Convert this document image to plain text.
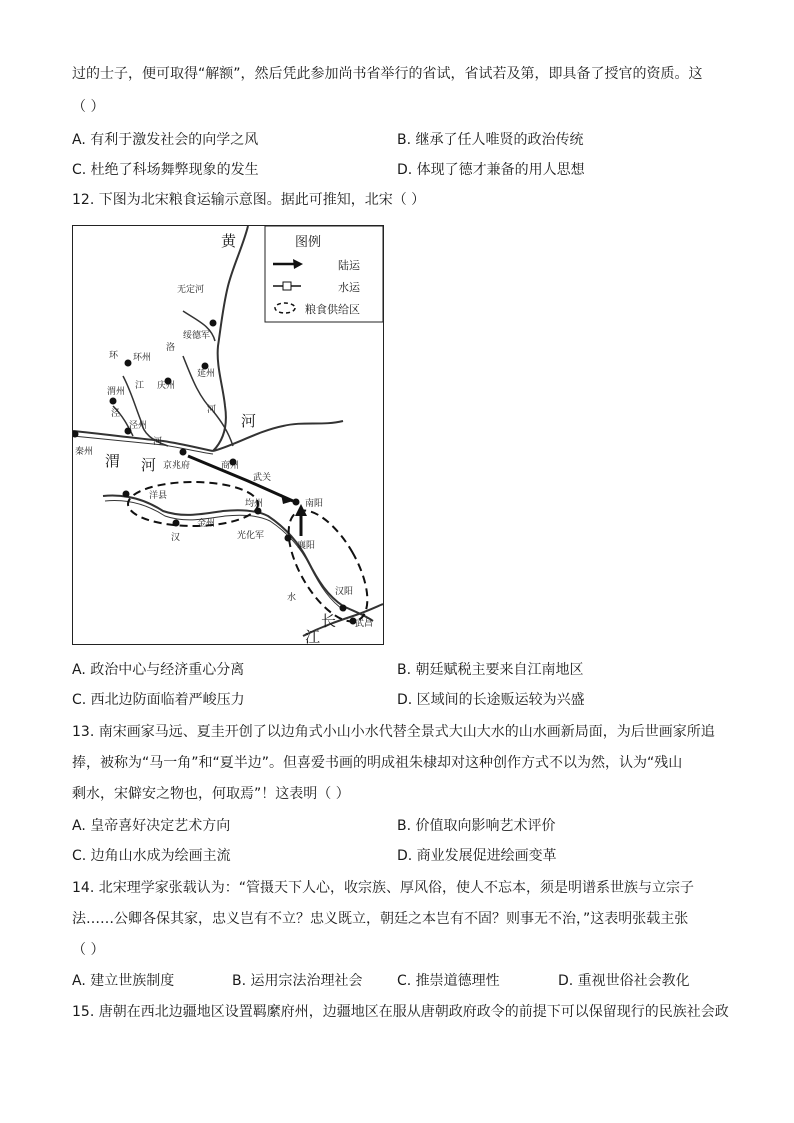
过的士子，便可取得“解额”，然后凭此参加尚书省举行的省试，省试若及第，即具备了授官的资质。这
（ ）
A. 有利于激发社会的向学之风	B. 继承了任人唯贤的政治传统
C. 杜绝了科场舞弊现象的发生	D. 体现了德才兼备的用人思想
12. 下图为北宋粮食运输示意图。据此可推知，北宋（ ）
图例
陆运
水运
粮食供给区
黄
河
河
渭
长
江
无定河
绥德军
环 环州
洛
江 庆州
延州
渭州
泾
泾州
河
河
秦州
京兆府	商州
武关
南阳
洋县
均州
金州
汉	光化军
襄阳
水
汉阳
武昌
A. 政治中心与经济重心分离	B. 朝廷赋税主要来自江南地区
C. 西北边防面临着严峻压力	D. 区域间的长途贩运较为兴盛
13. 南宋画家马远、夏圭开创了以边角式小山小水代替全景式大山大水的山水画新局面，为后世画家所追
捧，被称为“马一角”和“夏半边”。但喜爱书画的明成祖朱棣却对这种创作方式不以为然，认为“残山
剩水，宋僻安之物也，何取焉”！这表明（ ）
A. 皇帝喜好决定艺术方向	B. 价值取向影响艺术评价
C. 边角山水成为绘画主流	D. 商业发展促进绘画变革
14. 北宋理学家张载认为：“管摄天下人心，收宗族、厚风俗，使人不忘本，须是明谱系世族与立宗子
法……公卿各保其家，忠义岂有不立？忠义既立，朝廷之本岂有不固？则事无不治，”这表明张载主张
（ ）
A. 建立世族制度	B. 运用宗法治理社会 C. 推崇道德理性	D. 重视世俗社会教化
15. 唐朝在西北边疆地区设置羁縻府州，边疆地区在服从唐朝政府政令的前提下可以保留现行的民族社会政
